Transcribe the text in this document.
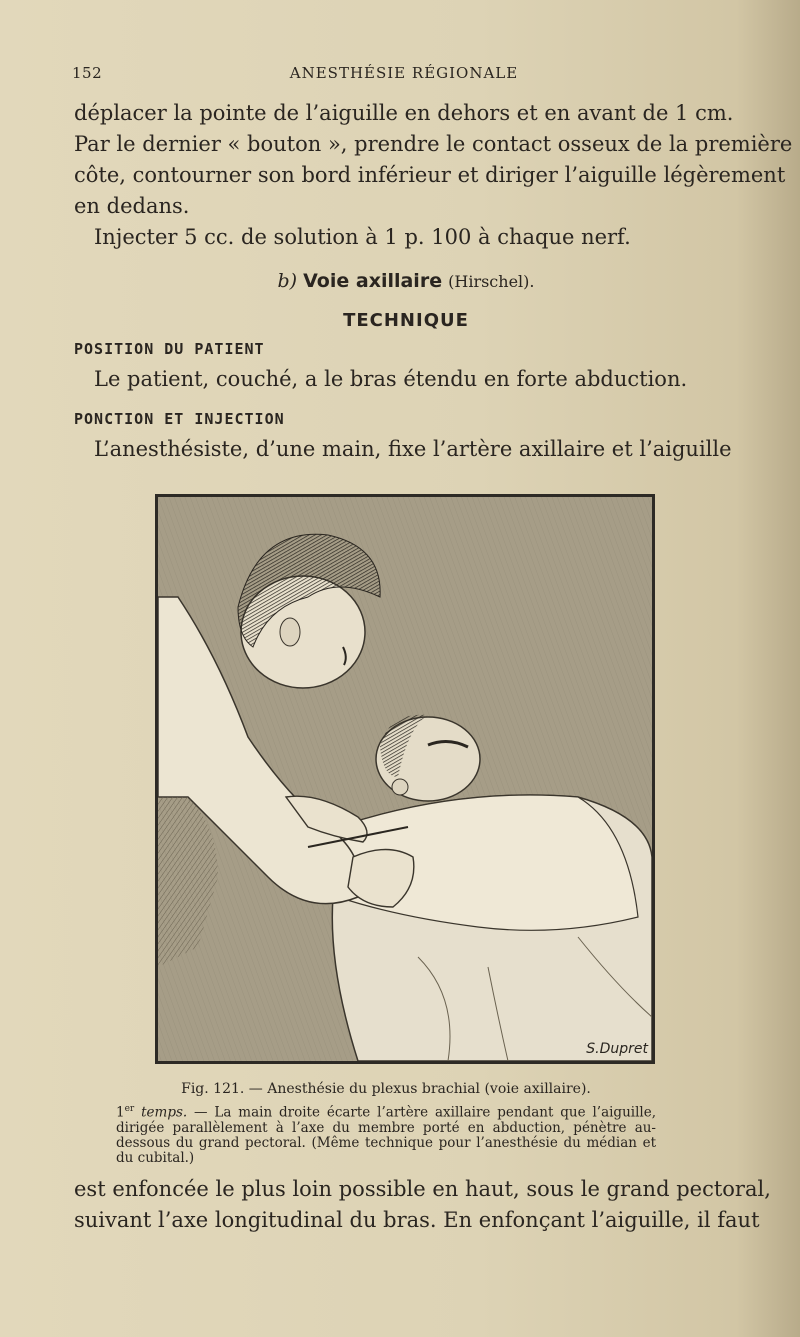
152	ANESTHÉSIE RÉGIONALE
déplacer la pointe de l’aiguille en dehors et en avant de 1 cm.
Par le dernier « bouton », prendre le contact osseux de la première
côte, contourner son bord inférieur et diriger l’aiguille légèrement
en dedans.
Injecter 5 cc. de solution à 1 p. 100 à chaque nerf.
b) Voie axillaire (Hirschel).
TECHNIQUE
POSITION DU PATIENT
Le patient, couché, a le bras étendu en forte abduction.
PONCTION ET INJECTION
L’anesthésiste, d’une main, fixe l’artère axillaire et l’aiguille
S.Dupret
Fig. 121. — Anesthésie du plexus brachial (voie axillaire).
1er temps. — La main droite écarte l’artère axillaire pendant que l’aiguille, dirigée parallèlement à l’axe du membre porté en abduction, pénètre au-dessous du grand pectoral. (Même technique pour l’anesthésie du médian et du cubital.)
est enfoncée le plus loin possible en haut, sous le grand pectoral,
suivant l’axe longitudinal du bras. En enfonçant l’aiguille, il faut
